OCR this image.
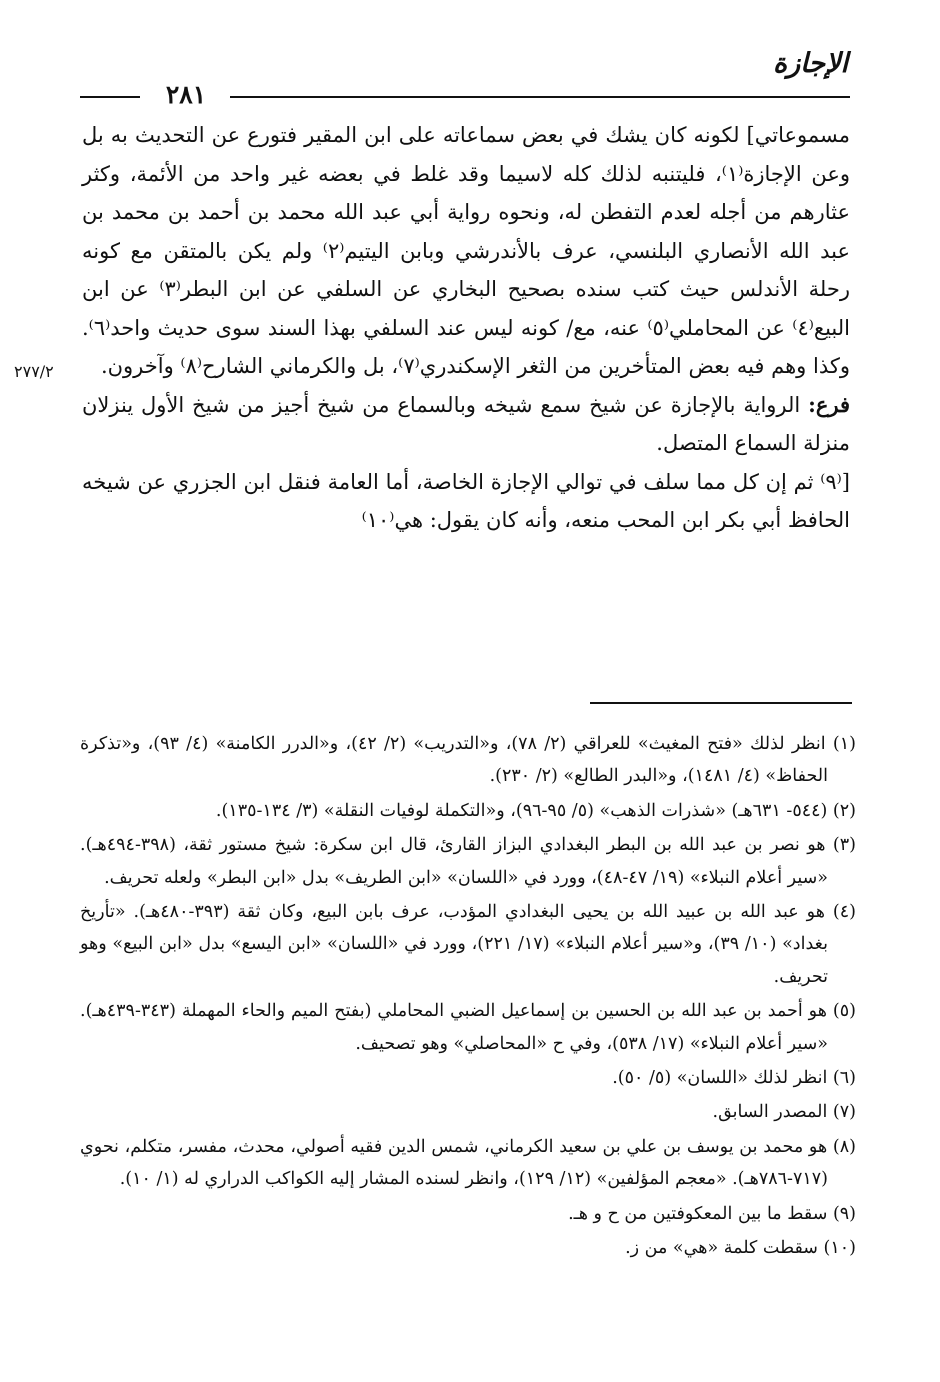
الإجازة
٢٨١
٢٧٧/٢

مسموعاتي] لكونه كان يشك في بعض سماعاته على ابن المقير فتورع عن التحديث به بل وعن الإجازة⁽١⁾، فليتنبه لذلك كله لاسيما وقد غلط في بعضه غير واحد من الأئمة، وكثر عثارهم من أجله لعدم التفطن له، ونحوه رواية أبي عبد الله محمد بن أحمد بن محمد بن عبد الله الأنصاري البلنسي، عرف بالأندرشي وبابن اليتيم⁽٢⁾ ولم يكن بالمتقن مع كونه رحلة الأندلس حيث كتب سنده بصحيح البخاري عن السلفي عن ابن البطر⁽٣⁾ عن ابن البيع⁽٤⁾ عن المحاملي⁽٥⁾ عنه، مع/ كونه ليس عند السلفي بهذا السند سوى حديث واحد⁽٦⁾. وكذا وهم فيه بعض المتأخرين من الثغر الإسكندري⁽٧⁾، بل والكرماني الشارح⁽٨⁾ وآخرون.

فرع: الرواية بالإجازة عن شيخ سمع شيخه وبالسماع من شيخ أجيز من شيخ الأول ينزلان منزلة السماع المتصل.

[⁽٩⁾ ثم إن كل مما سلف في توالي الإجازة الخاصة، أما العامة فنقل ابن الجزري عن شيخه الحافظ أبي بكر ابن المحب منعه، وأنه كان يقول: هي⁽١٠⁾

(١) انظر لذلك «فتح المغيث» للعراقي (٢/ ٧٨)، و«التدريب» (٢/ ٤٢)، و«الدرر الكامنة» (٤/ ٩٣)، و«تذكرة الحفاظ» (٤/ ١٤٨١)، و«البدر الطالع» (٢/ ٢٣٠).

(٢) (٥٤٤- ٦٣١هـ) «شذرات الذهب» (٥/ ٩٥-٩٦)، و«التكملة لوفيات النقلة» (٣/ ١٣٤-١٣٥).

(٣) هو نصر بن عبد الله بن البطر البغدادي البزاز القارئ، قال ابن سكرة: شيخ مستور ثقة، (٣٩٨-٤٩٤هـ). «سير أعلام النبلاء» (١٩/ ٤٧-٤٨)، وورد في «اللسان» «ابن الطريف» بدل «ابن البطر» ولعله تحريف.

(٤) هو عبد الله بن عبيد الله بن يحيى البغدادي المؤدب، عرف بابن البيع، وكان ثقة (٣٩٣-٤٨٠هـ). «تأريخ بغداد» (١٠/ ٣٩)، و«سير أعلام النبلاء» (١٧/ ٢٢١)، وورد في «اللسان» «ابن اليسع» بدل «ابن البيع» وهو تحريف.

(٥) هو أحمد بن عبد الله بن الحسين بن إسماعيل الضبي المحاملي (بفتح الميم والحاء المهملة (٣٤٣-٤٣٩هـ). «سير أعلام النبلاء» (١٧/ ٥٣٨)، وفي ح «المحاصلي» وهو تصحيف.

(٦) انظر لذلك «اللسان» (٥/ ٥٠).

(٧) المصدر السابق.

(٨) هو محمد بن يوسف بن علي بن سعيد الكرماني، شمس الدين فقيه أصولي، محدث، مفسر، متكلم، نحوي (٧١٧-٧٨٦هـ). «معجم المؤلفين» (١٢/ ١٢٩)، وانظر لسنده المشار إليه الكواكب الدراري له (١/ ١٠).

(٩) سقط ما بين المعكوفتين من ح و هـ.

(١٠) سقطت كلمة «هي» من ز.
